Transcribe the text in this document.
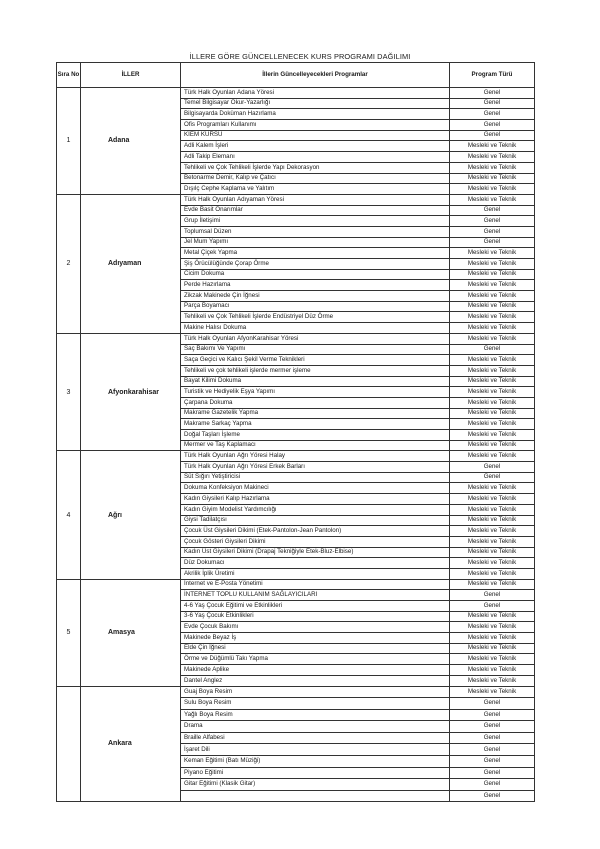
İLLERE GÖRE GÜNCELLENECEK KURS PROGRAMI DAĞILIMI
Sıra No	İLLER	İllerin Güncelleyecekleri Programlar	Program Türü
1	Adana	Türk Halk Oyunları Adana Yöresi	Genel
		Temel Bilgisayar Okur-Yazarlığı	Genel
		Bilgisayarda Doküman Hazırlama	Genel
		Ofis Programları Kullanımı	Genel
		KİEM KURSU	Genel
		Adli Kalem İşleri	Mesleki ve Teknik
		Adli Takip Elemanı	Mesleki ve Teknik
		Tehlikeli ve Çok Tehlikeli İşlerde Yapı Dekorasyon	Mesleki ve Teknik
		Betonarme Demir, Kalıp ve Çatıcı	Mesleki ve Teknik
		Dışılç Cephe Kaplama ve Yalıtım	Mesleki ve Teknik
2	Adıyaman	Türk Halk Oyunları Adıyaman Yöresi	Mesleki ve Teknik
		Evde Basit Onarımlar	Genel
		Grup İletişimi	Genel
		Toplumsal Düzen	Genel
		Jel Mum Yapımı	Genel
		Metal Çiçek Yapma	Mesleki ve Teknik
		Şiş Örücülüğünde Çorap Örme	Mesleki ve Teknik
		Cicim Dokuma	Mesleki ve Teknik
		Perde Hazırlama	Mesleki ve Teknik
		Zikzak Makinede Çin İğnesi	Mesleki ve Teknik
		Parça Boyamacı	Mesleki ve Teknik
		Tehlikeli ve Çok Tehlikeli İşlerde Endüstriyel Düz Örme	Mesleki ve Teknik
		Makine Halısı Dokuma	Mesleki ve Teknik
3	Afyonkarahisar	Türk Halk Oyunları AfyonKarahisar Yöresi	Mesleki ve Teknik
		Saç Bakımı Ve Yapımı	Genel
		Saça Geçici ve Kalıcı Şekil Verme Teknikleri	Mesleki ve Teknik
		Tehlikeli ve çok tehlikeli işlerde mermer işleme	Mesleki ve Teknik
		Bayat Kilimi Dokuma	Mesleki ve Teknik
		Turistik ve Hediyelik Eşya Yapımı	Mesleki ve Teknik
		Çarpana Dokuma	Mesleki ve Teknik
		Makrame Gazetelik Yapma	Mesleki ve Teknik
		Makrame Sarkaç Yapma	Mesleki ve Teknik
		Doğal Taşları İşleme	Mesleki ve Teknik
		Mermer ve Taş Kaplamacı	Mesleki ve Teknik
4	Ağrı	Türk Halk Oyunları Ağrı Yöresi Halay	Mesleki ve Teknik
		Türk Halk Oyunları Ağrı Yöresi Erkek Barları	Genel
		Süt Sığırı Yetiştiricisi	Genel
		Dokuma Konfeksiyon Makineci	Mesleki ve Teknik
		Kadın Giysileri Kalıp Hazırlama	Mesleki ve Teknik
		Kadın Giyim Modelist Yardımcılığı	Mesleki ve Teknik
		Giysi Tadilatçısı	Mesleki ve Teknik
		Çocuk Üst Giysileri Dikimi (Etek-Pantolon-Jean Pantolon)	Mesleki ve Teknik
		Çocuk Gösteri Giysileri Dikimi	Mesleki ve Teknik
		Kadın Üst Giysileri Dikimi (Drapaj Tekniğiyle Etek-Bluz-Elbise)	Mesleki ve Teknik
		Düz Dokumacı	Mesleki ve Teknik
		Akrilik İplik Üretimi	Mesleki ve Teknik
5	Amasya	İnternet ve E-Posta Yönetimi	Mesleki ve Teknik
		İNTERNET TOPLU KULLANIM SAĞLAYICILARI	Genel
		4-6 Yaş Çocuk Eğitimi ve Etkinlikleri	Genel
		3-6 Yaş Çocuk Etkinlikleri	Mesleki ve Teknik
		Evde Çocuk Bakımı	Mesleki ve Teknik
		Makinede Beyaz İş	Mesleki ve Teknik
		Elde Çin İğnesi	Mesleki ve Teknik
		Örme ve Düğümlü Takı Yapma	Mesleki ve Teknik
		Makinede Aplike	Mesleki ve Teknik
		Dantel Anglez	Mesleki ve Teknik
	Ankara	Guaj Boya Resim	Mesleki ve Teknik
		Sulu Boya Resim	Genel
		Yağlı Boya Resim	Genel
		Drama	Genel
		Braille Alfabesi	Genel
		İşaret Dili	Genel
		Keman Eğitimi (Batı Müziği)	Genel
		Piyano Eğitimi	Genel
		Gitar Eğitimi (Klasik Gitar)	Genel
			Genel
